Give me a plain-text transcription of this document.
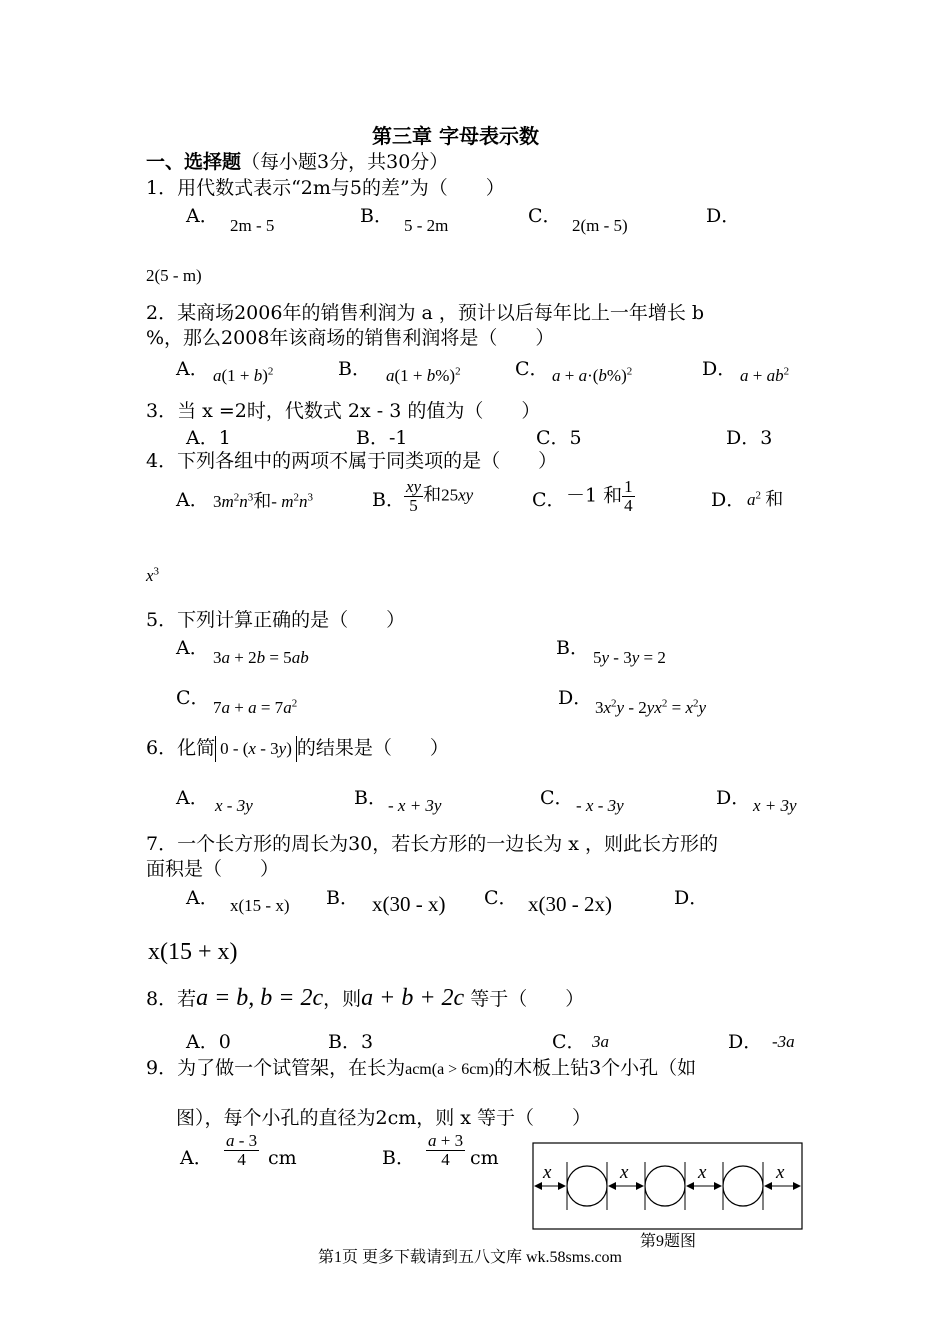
第三章 字母表示数
一、选择题（每小题3分，共30分）
1．用代数式表示“2m与5的差”为（　　）
A． 2m - 5	B． 5 - 2m	C． 2(m - 5)	D．
2(5 - m)
2．某商场2006年的销售利润为 a ，预计以后每年比上一年增长 b
%，那么2008年该商场的销售利润将是（　　）
A． $a(1 + b)^2$	B． $a(1 + b\%)^2$	C． $a + a\cdot(b\%)^2$	D． $a + ab^2$
3．当 x =2时，代数式 2x - 3 的值为（　　）
A．1	B．-1	C．5	D．3
4．下列各组中的两项不属于同类项的是（　　）
A． $3m^2n^3$和- $m^2n^3$	B． $\frac{xy}{5}$ 和25xy	C． －1 和 $\frac{1}{4}$	D． $a^2$ 和
$x^3$
5．下列计算正确的是（　　）
A． 3a + 2b = 5ab	B． 5y - 3y = 2
C． $7a + a = 7a^2$	D． $3x^2y - 2yx^2 = x^2y$
6．化简 0 - (x - 3y) 的结果是（　　）
A． x - 3y	B． - x + 3y	C． - x - 3y	D． x + 3y
7．一个长方形的周长为30，若长方形的一边长为 x ，则此长方形的
面积是（　　）
A． x(15 - x) B． x(30 - x) C． x(30 - 2x)	D．
x(15 + x)
8．若a = b, b = 2c，则a + b + 2c 等于（　　）
A．0	B．3	C． 3a	D． -3a
9．为了做一个试管架，在长为acm(a > 6cm)的木板上钻3个小孔（如
图），每个小孔的直径为2cm，则 x 等于（　　）
A． $\frac{a - 3}{4}$ cm	B． $\frac{a + 3}{4}$ cm
x	x	x	x
第9题图
第1页 更多下载请到五八文库 wk.58sms.com
